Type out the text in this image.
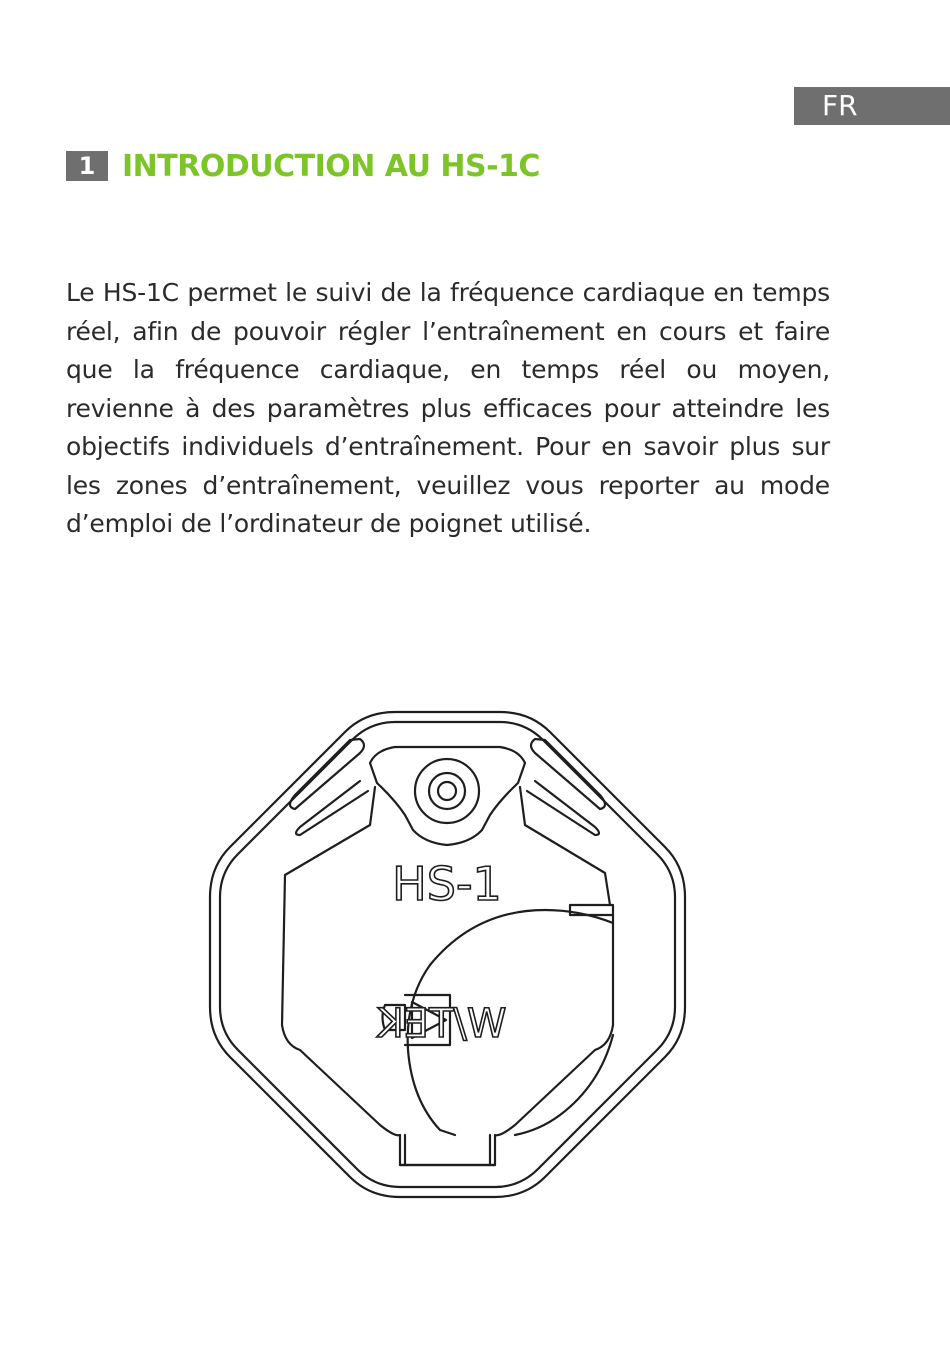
FR
1 INTRODUCTION AU HS-1C

Le HS-1C permet le suivi de la fréquence cardiaque en temps réel, afin de pouvoir régler l’entraînement en cours et faire que la fréquence cardiaque, en temps réel ou moyen, revienne à des paramètres plus efficaces pour atteindre les objectifs individuels d’entraînement. Pour en savoir plus sur les zones d’entraînement, veuillez vous reporter au mode d’emploi de l’ordinateur de poignet utilisé.

HS-1
W/TEK
